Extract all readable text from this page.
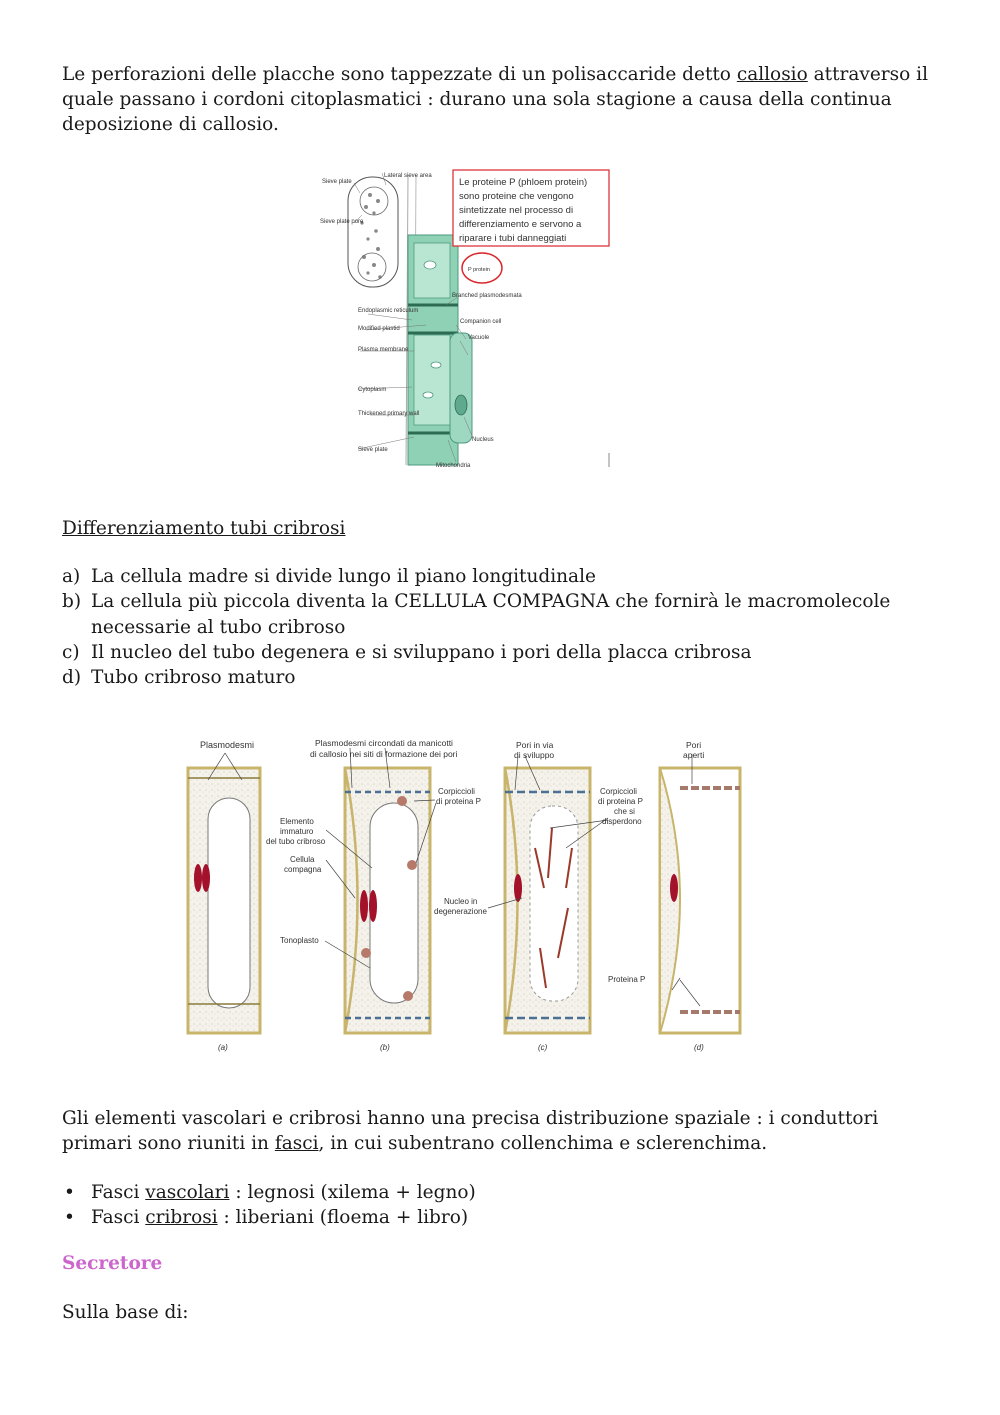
Le perforazioni delle placche sono tappezzate di un polisaccaride detto callosio attraverso il
quale passano i cordoni citoplasmatici : durano una sola stagione a causa della continua
deposizione di callosio.

Le proteine P (phloem protein)
sono proteine che vengono
sintetizzate nel processo di
differenziamento e servono a
riparare i tubi danneggiati
P protein
Sieve plate
Lateral sieve area
Sieve plate pore
Branched plasmodesmata
Endoplasmic reticulum
Modified plastid
Companion cell
Vacuole
Plasma membrane
Cytoplasm
Thickened primary wall
Nucleus
Sieve plate
Mitochondria

Differenziamento tubi cribrosi

a) La cellula madre si divide lungo il piano longitudinale
b) La cellula più piccola diventa la CELLULA COMPAGNA che fornirà le macromolecole
necessarie al tubo cribroso
c) Il nucleo del tubo degenera e si sviluppano i pori della placca cribrosa
d) Tubo cribroso maturo
Plasmodesmi	Plasmodesmi circondati da manicotti
di callosio nei siti di formazione dei pori
Corpiccioli
di proteina P
Elemento
immaturo
del tubo cribroso
Cellula
compagna
Tonoplasto
Pori in via
di sviluppo
Corpiccioli
di proteina P
che si
disperdono
Nucleo in
degenerazione
Pori
aperti
Proteina P
(a)	(b)	(c)	(d)

Gli elementi vascolari e cribrosi hanno una precisa distribuzione spaziale : i conduttori
primari sono riuniti in fasci, in cui subentrano collenchima e sclerenchima.

• Fasci vascolari : legnosi (xilema + legno)
• Fasci cribrosi : liberiani (floema + libro)
Secretore

Sulla base di:
